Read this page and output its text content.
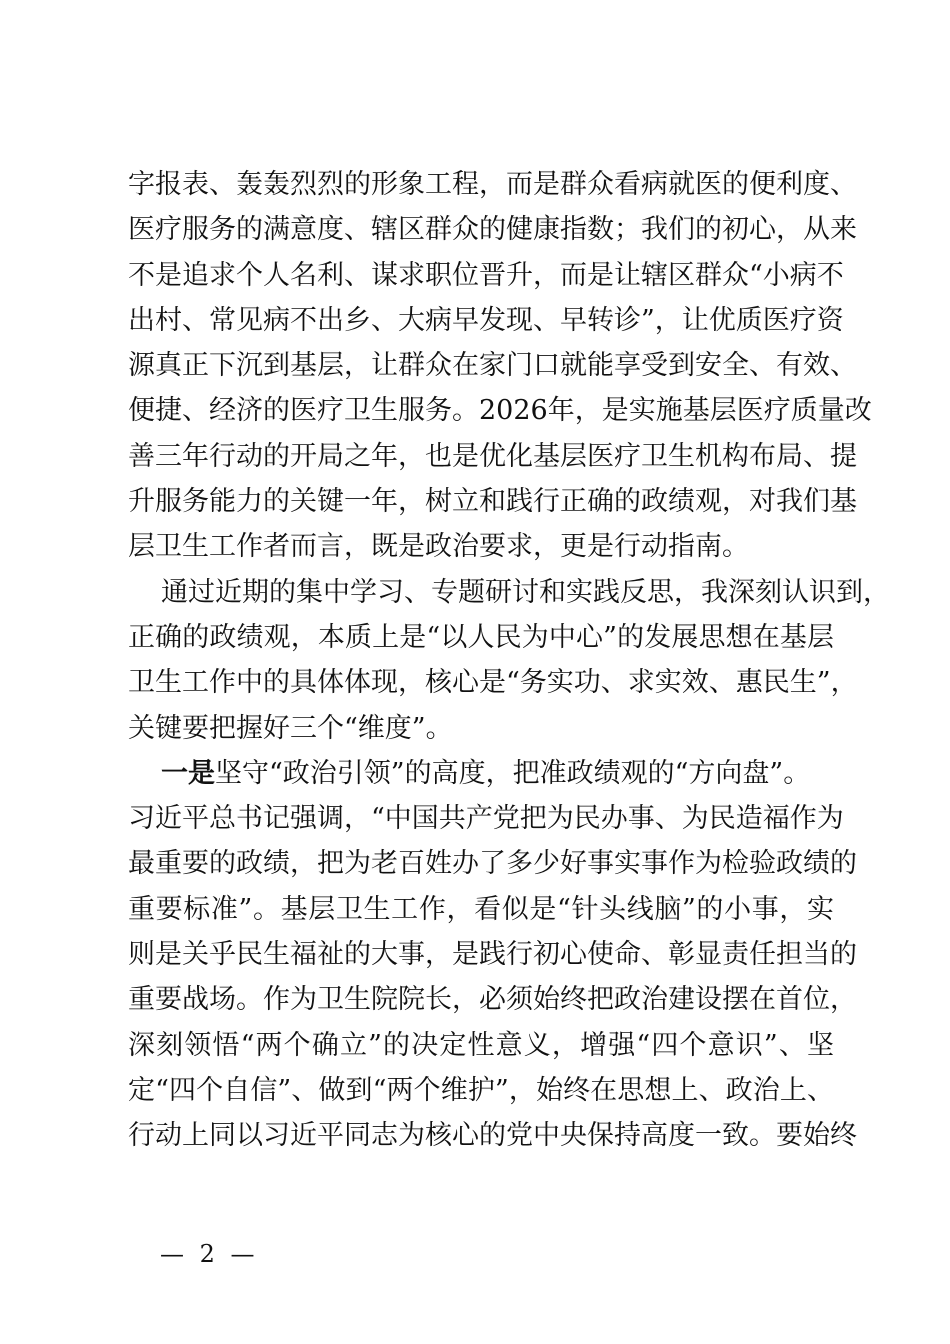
字报表、轰轰烈烈的形象工程，而是群众看病就医的便利度、
医疗服务的满意度、辖区群众的健康指数；我们的初心，从来
不是追求个人名利、谋求职位晋升，而是让辖区群众“小病不
出村、常见病不出乡、大病早发现、早转诊”，让优质医疗资
源真正下沉到基层，让群众在家门口就能享受到安全、有效、
便捷、经济的医疗卫生服务。2026年，是实施基层医疗质量改
善三年行动的开局之年，也是优化基层医疗卫生机构布局、提
升服务能力的关键一年，树立和践行正确的政绩观，对我们基
层卫生工作者而言，既是政治要求，更是行动指南。
通过近期的集中学习、专题研讨和实践反思，我深刻认识到，
正确的政绩观，本质上是“以人民为中心”的发展思想在基层
卫生工作中的具体体现，核心是“务实功、求实效、惠民生”，
关键要把握好三个“维度”。
一是坚守“政治引领”的高度，把准政绩观的“方向盘”。
习近平总书记强调，“中国共产党把为民办事、为民造福作为
最重要的政绩，把为老百姓办了多少好事实事作为检验政绩的
重要标准”。基层卫生工作，看似是“针头线脑”的小事，实
则是关乎民生福祉的大事，是践行初心使命、彰显责任担当的
重要战场。作为卫生院院长，必须始终把政治建设摆在首位，
深刻领悟“两个确立”的决定性意义，增强“四个意识”、坚
定“四个自信”、做到“两个维护”，始终在思想上、政治上、
行动上同以习近平同志为核心的党中央保持高度一致。要始终
— 2 —
